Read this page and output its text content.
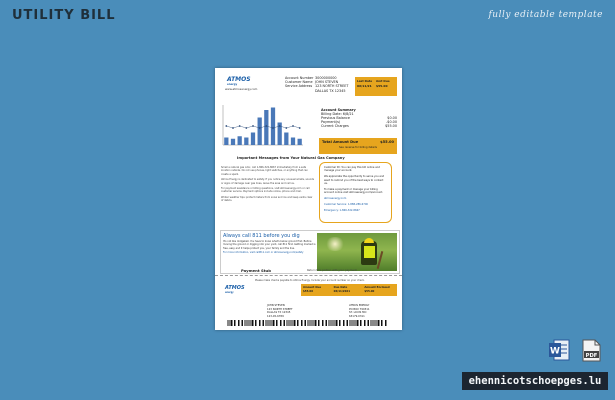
UTILITY BILL	fully editable template
ATMOS
energy
www.atmosenergy.com
Account Number 3000000000
Customer Name JOHN STEVEN
Service Address 123 NORTH STREET
DALLAS TX 12345
Last Date	Amt Due
06/11/21	$55.00
Account Summary
Billing Date: 6/8/21
Previous Balance	$0.00
Payment(s)	-$0.00
Current Charges	$55.00
Total Amount Due	$55.00
See reverse for billing details
Important Messages from Your Natural Gas Company

Smell a natural gas odor, call 1-866-322-8667 immediately from a safe location outside. Do not use phones, light switches, or anything that can create a spark.

Atmos Energy is dedicated to safety. If you notice any unusual smells, sounds or signs of damage near gas lines, leave the area and call us.

For payment assistance or billing questions, visit atmosenergy.com or call customer service. Payment options include online, phone and mail.

Winter weather tips: protect meters from snow and ice and keep vents clear of debris.

Customer ID: You can pay this bill online and manage your account.

We appreciate the opportunity to serve you and want to remind you of the best ways to contact us.

To make a payment or manage your billing account online visit atmosenergy.com/account.

atmosenergy.com

Customer Service: 1-888-286-6700

Emergency: 1-866-322-8667

Always call 811 before you dig
It's not like dodgeball. You have to know what's below ground first. Before moving the ground or digging into your yard, call 811 first. Getting marked is free, easy and it helps protect you, your family and the line.
For more information, visit call811.com or atmosenergy.com/safety
Payment Stub	Return this portion with your payment
Please make checks payable to Atmos Energy. Include your account number on your check.
ATMOS
energy
Amount Due	Due Date	Amount Enclosed
$55.00	06/11/2021	$55.00
JOHN STEVEN
123 NORTH STREET
DALLAS TX 12345
123-45-6789
ATMOS ENERGY
PO BOX 790311
ST. LOUIS MO
63179-0311
W	PDF
ehennicotschoepges.lu
